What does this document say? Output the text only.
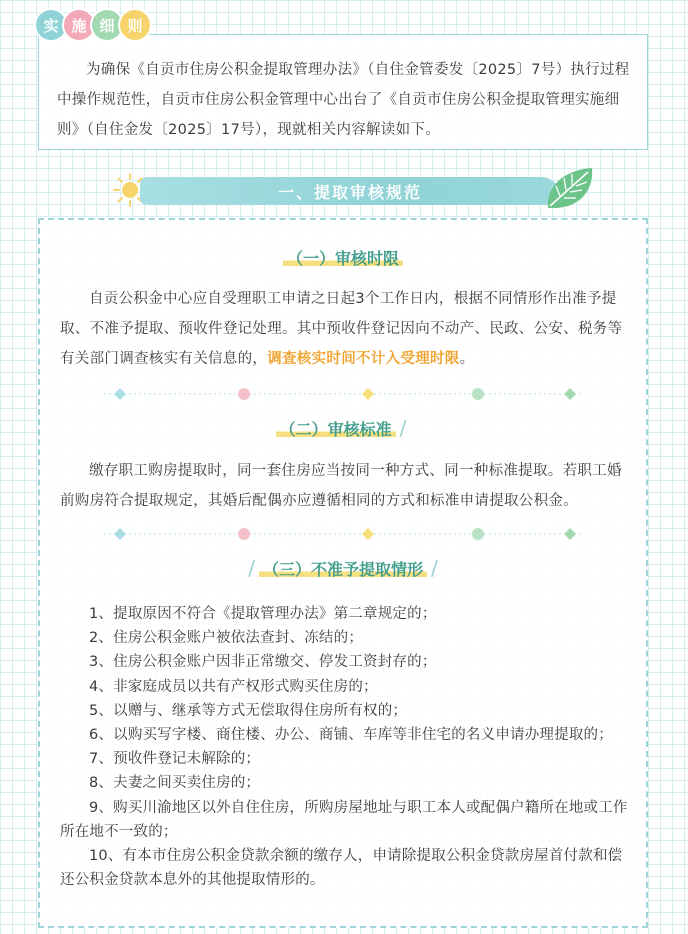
实 施 细 则

为确保《自贡市住房公积金提取管理办法》（自住金管委发〔2025〕7号）执行过程中操作规范性，自贡市住房公积金管理中心出台了《自贡市住房公积金提取管理实施细则》（自住金发〔2025〕17号），现就相关内容解读如下。

一、提取审核规范
（一）审核时限

自贡公积金中心应自受理职工申请之日起3个工作日内，根据不同情形作出准予提取、不准予提取、预收件登记处理。其中预收件登记因向不动产、民政、公安、税务等有关部门调查核实有关信息的，调查核实时间不计入受理时限。

（二）审核标准 /

缴存职工购房提取时，同一套住房应当按同一种方式、同一种标准提取。若职工婚前购房符合提取规定，其婚后配偶亦应遵循相同的方式和标准申请提取公积金。

/ （三）不准予提取情形 /
1、提取原因不符合《提取管理办法》第二章规定的；
2、住房公积金账户被依法查封、冻结的；
3、住房公积金账户因非正常缴交、停发工资封存的；
4、非家庭成员以共有产权形式购买住房的；
5、以赠与、继承等方式无偿取得住房所有权的；
6、以购买写字楼、商住楼、办公、商铺、车库等非住宅的名义申请办理提取的；
7、预收件登记未解除的；
8、夫妻之间买卖住房的；
9、购买川渝地区以外自住住房，所购房屋地址与职工本人或配偶户籍所在地或工作所在地不一致的；
10、有本市住房公积金贷款余额的缴存人，申请除提取公积金贷款房屋首付款和偿还公积金贷款本息外的其他提取情形的。
